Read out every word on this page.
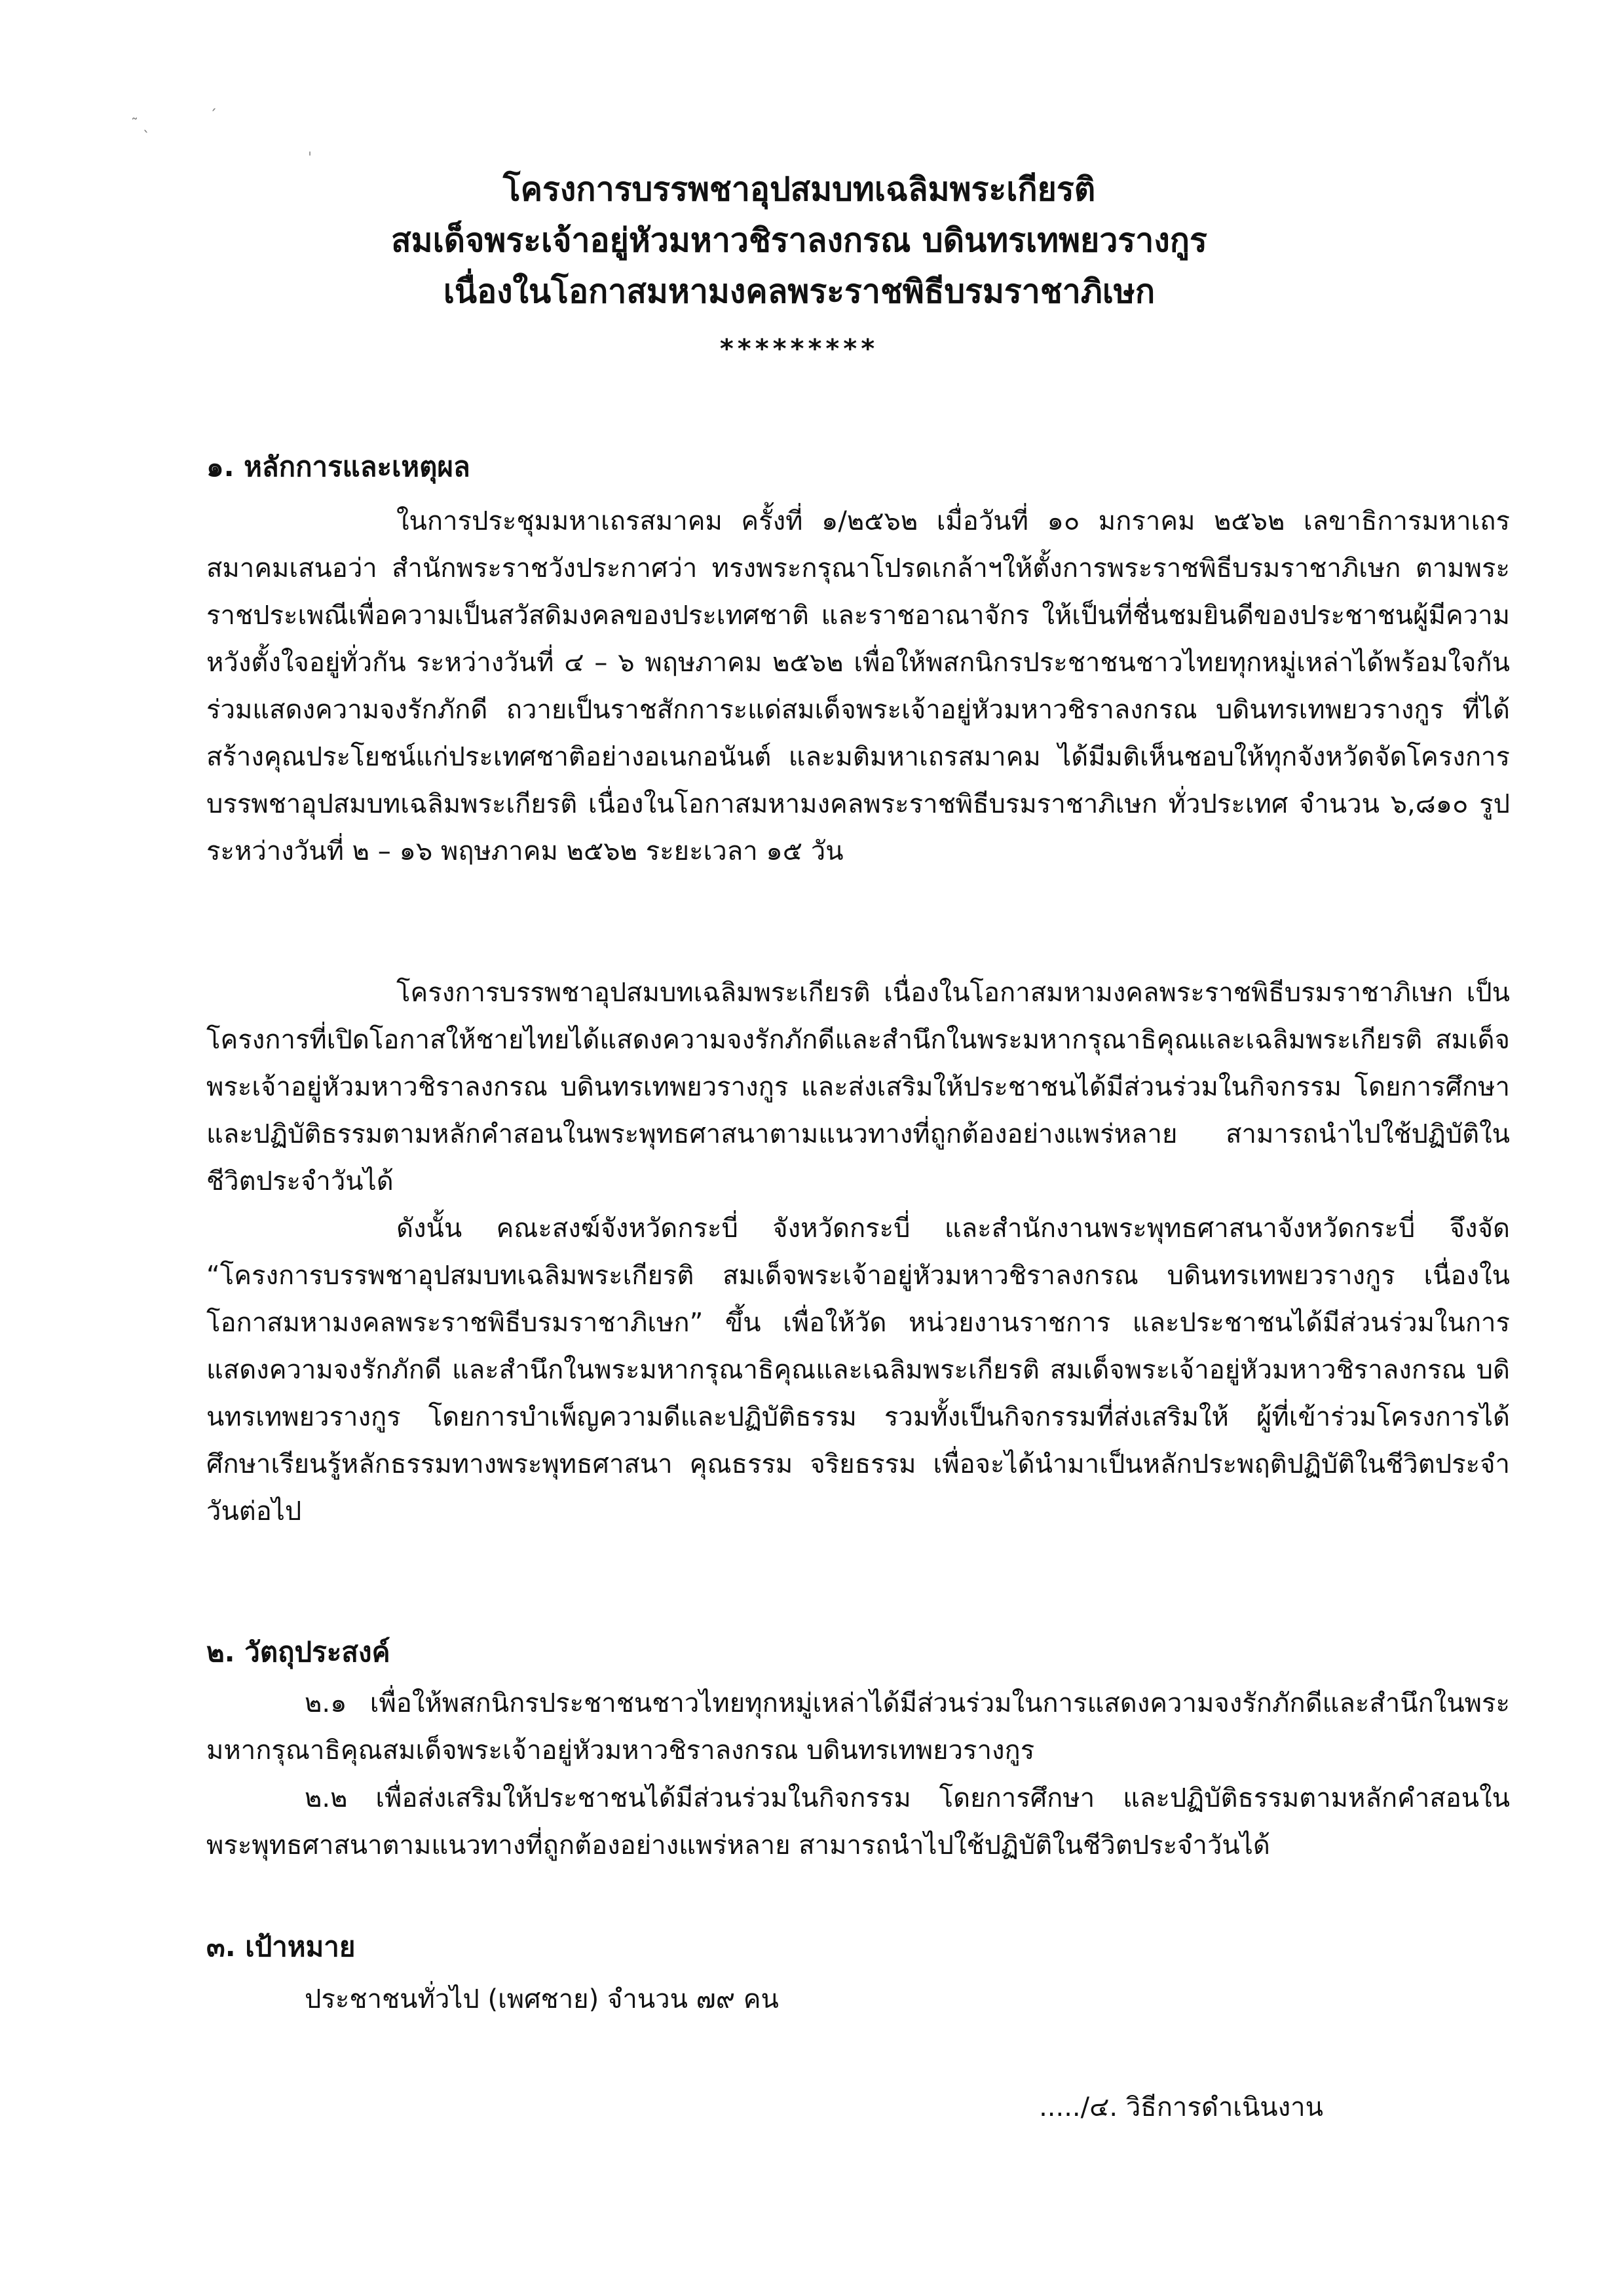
˜ ˎ
ˏ
ˌ
โครงการบรรพชาอุปสมบทเฉลิมพระเกียรติ
สมเด็จพระเจ้าอยู่หัวมหาวชิราลงกรณ บดินทรเทพยวรางกูร
เนื่องในโอกาสมหามงคลพระราชพิธีบรมราชาภิเษก
*********
๑. หลักการและเหตุผล
ในการประชุมมหาเถรสมาคม ครั้งที่ ๑/๒๕๖๒ เมื่อวันที่ ๑๐ มกราคม ๒๕๖๒ เลขาธิการมหาเถรสมาคมเสนอว่า สำนักพระราชวังประกาศว่า ทรงพระกรุณาโปรดเกล้าฯให้ตั้งการพระราชพิธีบรมราชาภิเษก ตามพระราชประเพณีเพื่อความเป็นสวัสดิมงคลของประเทศชาติ และราชอาณาจักร ให้เป็นที่ชื่นชมยินดีของประชาชนผู้มีความหวังตั้งใจอยู่ทั่วกัน ระหว่างวันที่ ๔ – ๖ พฤษภาคม ๒๕๖๒ เพื่อให้พสกนิกรประชาชนชาวไทยทุกหมู่เหล่าได้พร้อมใจกันร่วมแสดงความจงรักภักดี ถวายเป็นราชสักการะแด่สมเด็จพระเจ้าอยู่หัวมหาวชิราลงกรณ บดินทรเทพยวรางกูร ที่ได้สร้างคุณประโยชน์แก่ประเทศชาติอย่างอเนกอนันต์ และมติมหาเถรสมาคม ได้มีมติเห็นชอบให้ทุกจังหวัดจัดโครงการบรรพชาอุปสมบทเฉลิมพระเกียรติ เนื่องในโอกาสมหามงคลพระราชพิธีบรมราชาภิเษก ทั่วประเทศ จำนวน ๖,๘๑๐ รูป ระหว่างวันที่ ๒ – ๑๖ พฤษภาคม ๒๕๖๒ ระยะเวลา ๑๕ วัน
โครงการบรรพชาอุปสมบทเฉลิมพระเกียรติ เนื่องในโอกาสมหามงคลพระราชพิธีบรมราชาภิเษก เป็นโครงการที่เปิดโอกาสให้ชายไทยได้แสดงความจงรักภักดีและสำนึกในพระมหากรุณาธิคุณและเฉลิมพระเกียรติ สมเด็จพระเจ้าอยู่หัวมหาวชิราลงกรณ บดินทรเทพยวรางกูร และส่งเสริมให้ประชาชนได้มีส่วนร่วมในกิจกรรม โดยการศึกษาและปฏิบัติธรรมตามหลักคำสอนในพระพุทธศาสนาตามแนวทางที่ถูกต้องอย่างแพร่หลาย สามารถนำไปใช้ปฏิบัติในชีวิตประจำวันได้
ดังนั้น คณะสงฆ์จังหวัดกระบี่ จังหวัดกระบี่ และสำนักงานพระพุทธศาสนาจังหวัดกระบี่ จึงจัด “โครงการบรรพชาอุปสมบทเฉลิมพระเกียรติ สมเด็จพระเจ้าอยู่หัวมหาวชิราลงกรณ บดินทรเทพยวรางกูร เนื่องในโอกาสมหามงคลพระราชพิธีบรมราชาภิเษก” ขึ้น เพื่อให้วัด หน่วยงานราชการ และประชาชนได้มีส่วนร่วมในการแสดงความจงรักภักดี และสำนึกในพระมหากรุณาธิคุณและเฉลิมพระเกียรติ สมเด็จพระเจ้าอยู่หัวมหาวชิราลงกรณ บดินทรเทพยวรางกูร โดยการบำเพ็ญความดีและปฏิบัติธรรม รวมทั้งเป็นกิจกรรมที่ส่งเสริมให้ ผู้ที่เข้าร่วมโครงการได้ศึกษาเรียนรู้หลักธรรมทางพระพุทธศาสนา คุณธรรม จริยธรรม เพื่อจะได้นำมาเป็นหลักประพฤติปฏิบัติในชีวิตประจำวันต่อไป
๒. วัตถุประสงค์
๒.๑ เพื่อให้พสกนิกรประชาชนชาวไทยทุกหมู่เหล่าได้มีส่วนร่วมในการแสดงความจงรักภักดีและสำนึกในพระมหากรุณาธิคุณสมเด็จพระเจ้าอยู่หัวมหาวชิราลงกรณ บดินทรเทพยวรางกูร
๒.๒ เพื่อส่งเสริมให้ประชาชนได้มีส่วนร่วมในกิจกรรม โดยการศึกษา และปฏิบัติธรรมตามหลักคำสอนในพระพุทธศาสนาตามแนวทางที่ถูกต้องอย่างแพร่หลาย สามารถนำไปใช้ปฏิบัติในชีวิตประจำวันได้
๓. เป้าหมาย
ประชาชนทั่วไป (เพศชาย) จำนวน ๗๙ คน
...../๔. วิธีการดำเนินงาน
